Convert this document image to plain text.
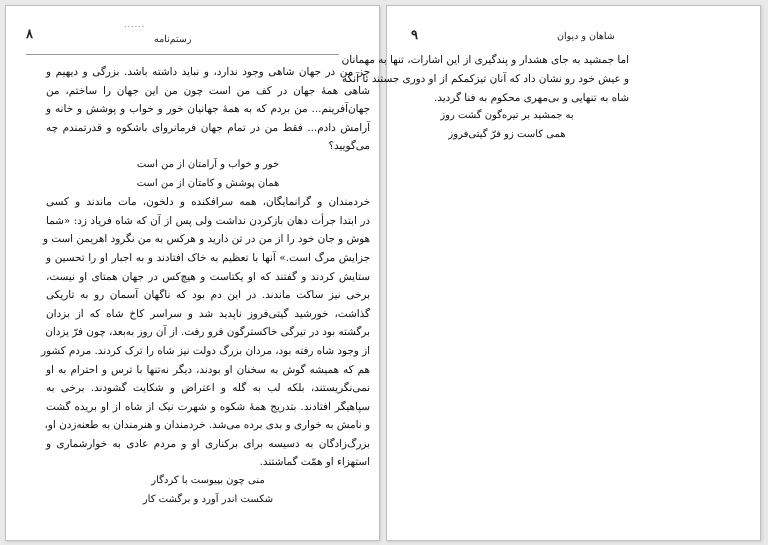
۸
......
رستم‌نامه
جز من در جهان شاهی وجود ندارد، و نباید داشته باشد. بزرگی و دیهیم و
شاهی همهٔ جهان در کف من است چون من این جهان را ساختم، من
جهان‌آفرینم... من بردم که به همهٔ جهانیان خور و خواب و پوشش و خانه و
آرامش دادم... فقط من در تمام جهان فرمانروای باشکوه و قدرتمندم چه
می‌گویید؟
خور و خواب و آرامتان از من است
همان پوشش و کامتان از من است
خردمندان و گرانمایگان، همه سرافکنده و دلخون، مات ماندند و کسی
در ابتدا جرأت دهان بازکردن نداشت ولی پس از آن که شاه فریاد زد: «شما
هوش و جان خود را از من در تن دارید و هرکس به من نگرود اهریمن است و
جزایش مرگ است.» آنها با تعظیم به خاک افتادند و به اجبار او را تحسین و
ستایش کردند و گفتند که او یکتاست و هیچ‌کس در جهان همتای او نیست،
برخی نیز ساکت ماندند. در این دم بود که ناگهان آسمان رو به تاریکی
گذاشت، خورشید گیتی‌فروز ناپدید شد و سراسر کاخ شاه که از بزدان
برگشته بود در تیرگی خاکسترگون فرو رفت. از آن روز بەبعد، چون فرّ یزدان
از وجود شاه رفته بود، مردان بزرگ دولت نیز شاه را ترک کردند. مردم کشور
هم که همیشه گوش به سخنان او بودند، دیگر نه‌تنها با ترس و احترام به او
نمی‌نگریستند، بلکه لب به گله و اعتراض و شکایت گشودند. برخی به
سپاهیگر افتادند. بتدریج همهٔ شکوه و شهرت نیک از شاه از او بریده گشت
و نامش به خواری و بدی برده می‌شد. خردمندان و هنرمندان به طعنه‌زدن او،
بزرگ‌زادگان به دسیسه برای برکناری او و مردم عادی به خوارشماری و
استهزاء او همّت گماشتند.
منی چون بپیوست با کردگار
شکست اندر آورد و برگشت کار
۹	شاهان و دیوان
اما جمشید به جای هشدار و پندگیری از این اشارات، تنها به مهمانان
و عیش خود رو نشان داد که آنان تیزکمکم از او دوری جستند تا آنکه
شاه به تنهایی و بی‌مهری محکوم به فنا گردید.
به جمشید بر تیره‌گون گشت روز
همی کاست زو فرّ گیتی‌فروز
